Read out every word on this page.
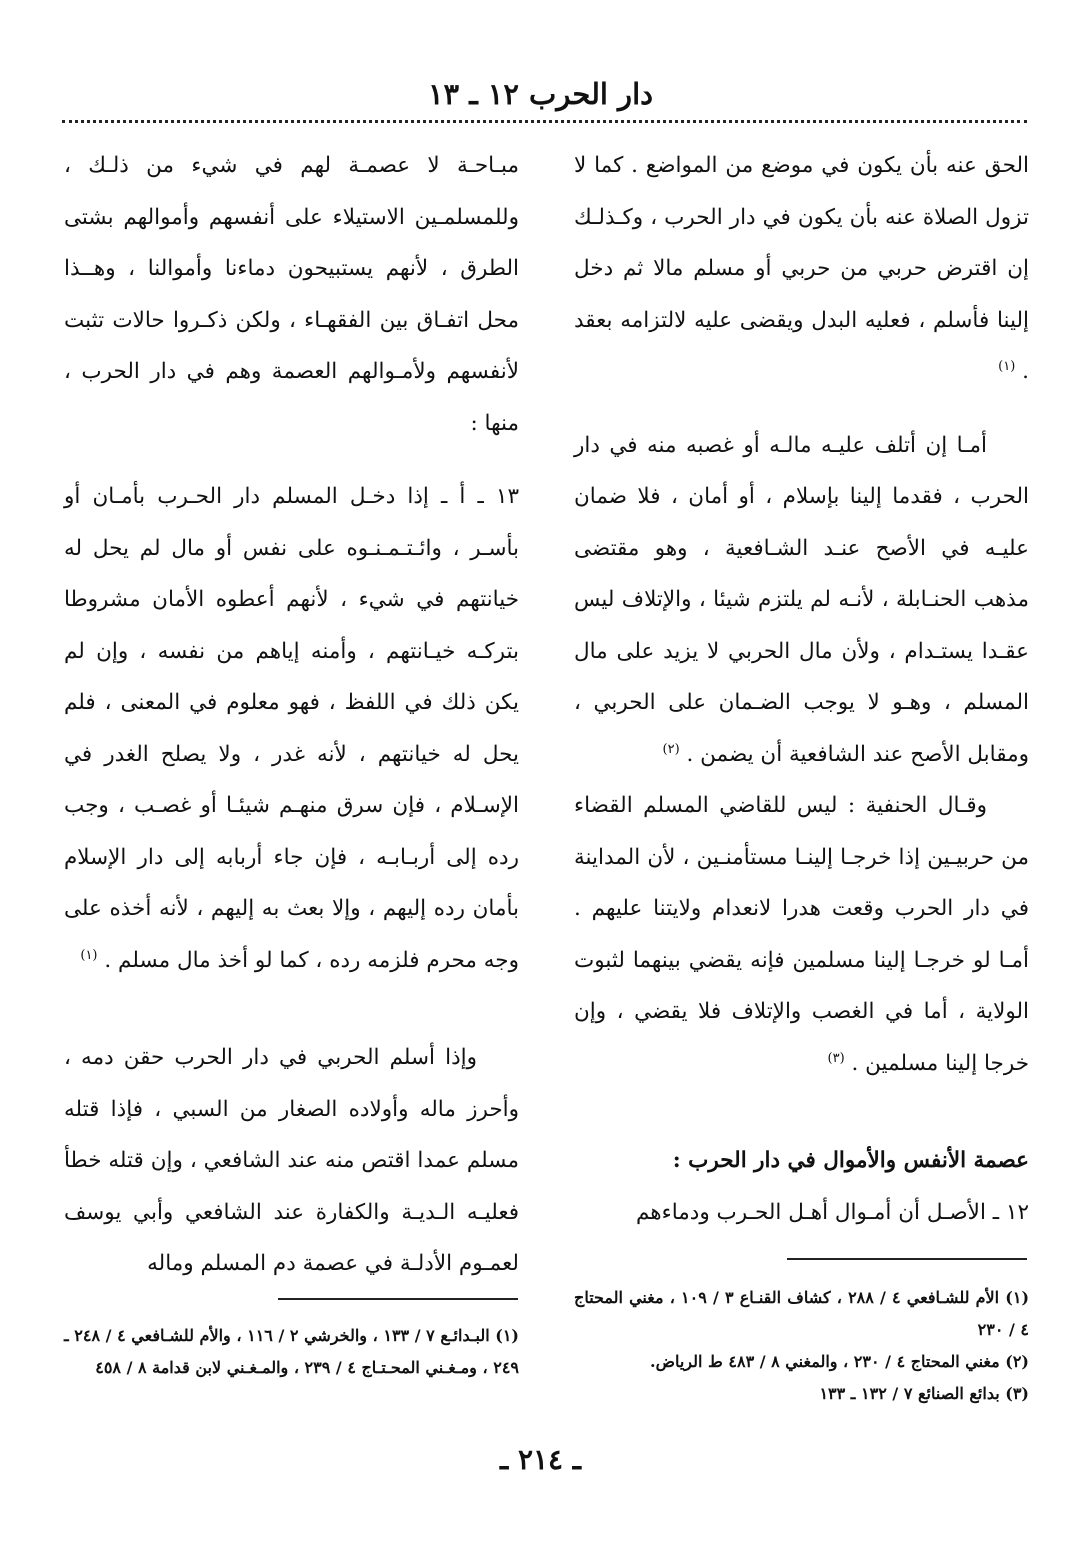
دار الحرب ١٢ ـ ١٣

الحق عنه بأن يكون في موضع من المواضع . كما لا تزول الصلاة عنه بأن يكون في دار الحرب ، وكـذلـك إن اقترض حربي من حربي أو مسلم مالا ثم دخل إلينا فأسلم ، فعليه البدل ويقضى عليه لالتزامه بعقد . $^{(١)}$

أمـا إن أتلف عليـه مالـه أو غصبه منه في دار الحرب ، فقدما إلينا بإسلام ، أو أمان ، فلا ضمان عليـه في الأصح عنـد الشـافعية ، وهو مقتضى مذهب الحنـابلة ، لأنـه لم يلتزم شيئا ، والإتلاف ليس عقـدا يستـدام ، ولأن مال الحربي لا يزيد على مال المسلم ، وهـو لا يوجب الضـمان على الحربي ، ومقابل الأصح عند الشافعية أن يضمن . $^{(٢)}$

وقـال الحنفية : ليس للقاضي المسلم القضاء من حربيـين إذا خرجـا إلينـا مستأمنـين ، لأن المداينة في دار الحرب وقعت هدرا لانعدام ولايتنا عليهم . أمـا لو خرجـا إلينا مسلمين فإنه يقضي بينهما لثبوت الولاية ، أما في الغصب والإتلاف فلا يقضي ، وإن خرجا إلينا مسلمين . $^{(٣)}$

عصمة الأنفس والأموال في دار الحرب :

١٢ ـ الأصـل أن أمـوال أهـل الحـرب ودماءهم

مبـاحـة لا عصمـة لهم في شيء من ذلـك ، وللمسلمـين الاستيلاء على أنفسهم وأموالهم بشتى الطرق ، لأنهم يستبيحون دماءنا وأموالنا ، وهــذا محل اتفـاق بين الفقهـاء ، ولكن ذكـروا حالات تثبت لأنفسهم ولأمـوالهم العصمة وهم في دار الحرب ، منها :

١٣ ـ أ ـ إذا دخـل المسلم دار الحـرب بأمـان أو بأسـر ، وائـتـمـنـوه على نفس أو مال لم يحل له خيانتهم في شيء ، لأنهم أعطوه الأمان مشروطا بتركـه خيـانتهم ، وأمنه إياهم من نفسه ، وإن لم يكن ذلك في اللفظ ، فهو معلوم في المعنى ، فلم يحل له خيانتهم ، لأنه غدر ، ولا يصلح الغدر في الإسـلام ، فإن سرق منهـم شيئـا أو غصـب ، وجب رده إلى أربـابـه ، فإن جاء أربابه إلى دار الإسلام بأمان رده إليهم ، وإلا بعث به إليهم ، لأنه أخذه على وجه محرم فلزمه رده ، كما لو أخذ مال مسلم . $^{(١)}$

وإذا أسلم الحربي في دار الحرب حقن دمه ، وأحرز ماله وأولاده الصغار من السبي ، فإذا قتله مسلم عمدا اقتص منه عند الشافعي ، وإن قتله خطأ فعليـه الـديـة والكفارة عند الشافعي وأبي يوسف لعمـوم الأدلـة في عصمة دم المسلم وماله

(١) الأم للشـافعي ٤ / ٢٨٨ ، كشاف القنـاع ٣ / ١٠٩ ، مغني المحتاج ٤ / ٢٣٠

(٢) مغني المحتاج ٤ / ٢٣٠ ، والمغني ٨ / ٤٨٣ ط الرياض.

(٣) بدائع الصنائع ٧ / ١٣٢ ـ ١٣٣

(١) البـدائـع ٧ / ١٣٣ ، والخرشي ٢ / ١١٦ ، والأم للشـافعي ٤ / ٢٤٨ ـ ٢٤٩ ، ومـغـني المحـتـاج ٤ / ٢٣٩ ، والمـغـني لابن قدامة ٨ / ٤٥٨

ـ ٢١٤ ـ
